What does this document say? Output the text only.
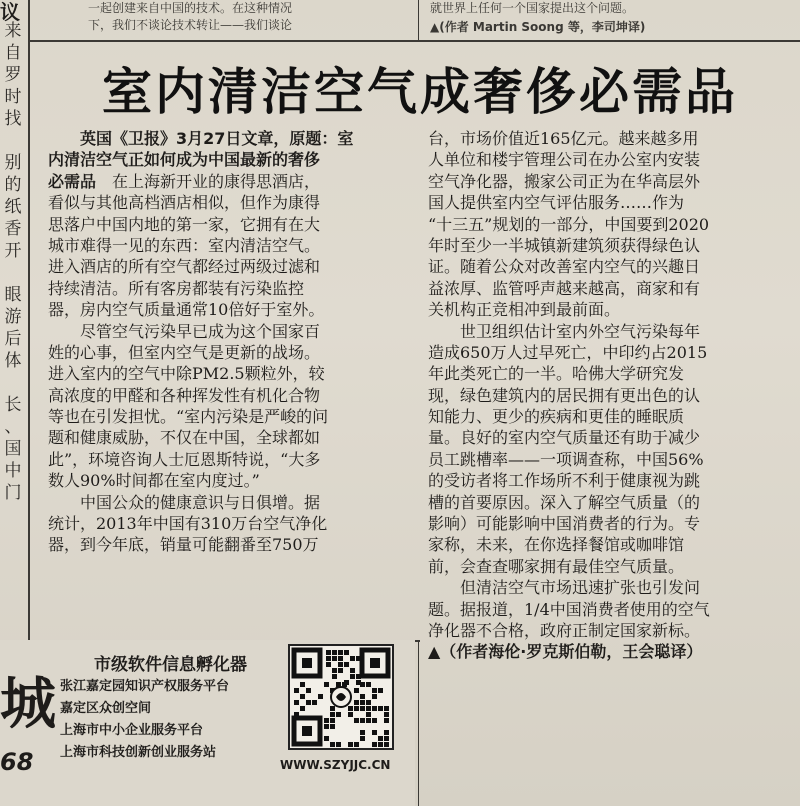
议	一起创建来自中国的技术。在这种情况
下，我们不谈论技术转让——我们谈论
就世界上任何一个国家提出这个问题。
▲(作者 Martin Soong 等，李司坤译)
来
自
罗
时
找
别
的
纸
香
开
眼
游
后
体
长
、
国
中
门
室内清洁空气成奢侈必需品
英国《卫报》3月27日文章，原题：室
内清洁空气正如何成为中国最新的奢侈
必需品　在上海新开业的康得思酒店，
看似与其他高档酒店相似，但作为康得
思落户中国内地的第一家，它拥有在大
城市难得一见的东西：室内清洁空气。
进入酒店的所有空气都经过两级过滤和
持续清洁。所有客房都装有污染监控
器，房内空气质量通常10倍好于室外。
尽管空气污染早已成为这个国家百
姓的心事，但室内空气是更新的战场。
进入室内的空气中除PM2.5颗粒外，较
高浓度的甲醛和各种挥发性有机化合物
等也在引发担忧。“室内污染是严峻的问
题和健康威胁，不仅在中国，全球都如
此”，环境咨询人士厄恩斯特说，“大多
数人90%时间都在室内度过。”
中国公众的健康意识与日俱增。据
统计，2013年中国有310万台空气净化
器，到今年底，销量可能翻番至750万
台，市场价值近165亿元。越来越多用
人单位和楼宇管理公司在办公室内安装
空气净化器，搬家公司正为在华高层外
国人提供室内空气评估服务……作为
“十三五”规划的一部分，中国要到2020
年时至少一半城镇新建筑须获得绿色认
证。随着公众对改善室内空气的兴趣日
益浓厚、监管呼声越来越高，商家和有
关机构正竞相冲到最前面。
世卫组织估计室内外空气污染每年
造成650万人过早死亡，中印约占2015
年此类死亡的一半。哈佛大学研究发
现，绿色建筑内的居民拥有更出色的认
知能力、更少的疾病和更佳的睡眠质
量。良好的室内空气质量还有助于减少
员工跳槽率——一项调查称，中国56%
的受访者将工作场所不利于健康视为跳
槽的首要原因。深入了解空气质量（的
影响）可能影响中国消费者的行为。专
家称，未来，在你选择餐馆或咖啡馆
前，会查查哪家拥有最佳空气质量。
但清洁空气市场迅速扩张也引发问
题。据报道，1/4中国消费者使用的空气
净化器不合格，政府正制定国家新标。
▲（作者海伦·罗克斯伯勒，王会聪译）
城
68
市级软件信息孵化器
张江嘉定园知识产权服务平台
嘉定区众创空间
上海市中小企业服务平台
上海市科技创新创业服务站
WWW.SZYJJC.CN
